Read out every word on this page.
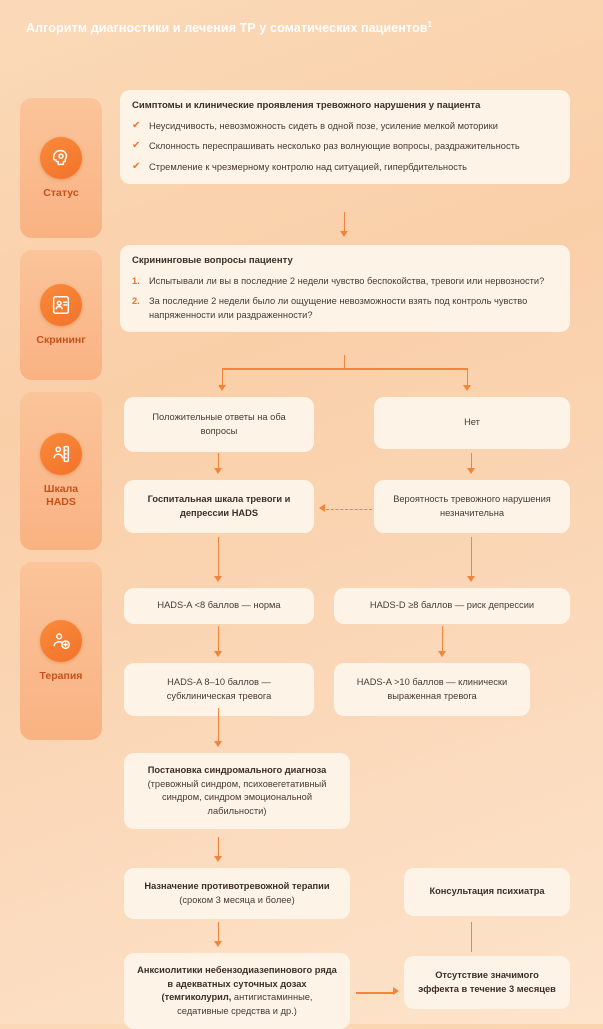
Алгоритм диагностики и лечения ТР у соматических пациентов$^1$
Статус
Скрининг
Шкала
HADS
Терапия
Симптомы и клинические проявления тревожного нарушения у пациента
✔ Неусидчивость, невозможность сидеть в одной позе, усиление мелкой моторики
✔ Склонность переспрашивать несколько раз волнующие вопросы, раздражительность
✔ Стремление к чрезмерному контролю над ситуацией, гипербдительность
Скрининговые вопросы пациенту
Испытывали ли вы в последние 2 недели чувство беспокойства, тревоги или нервозности?
За последние 2 недели было ли ощущение невозможности взять под контроль чувство напряженности или раздраженности?
Положительные ответы на оба вопросы
Нет
Госпитальная шкала тревоги и депрессии HADS
Вероятность тревожного нарушения незначительна
HADS-A <8 баллов — норма	HADS-D ≥8 баллов — риск депрессии
HADS-A 8–10 баллов — субклиническая тревога
HADS-A >10 баллов — клинически выраженная тревога
Постановка синдромального диагноза
(тревожный синдром, психовегетативный синдром, синдром эмоциональной лабильности)
Назначение противотревожной терапии
(сроком 3 месяца и более)
Консультация психиатра
Анксиолитики небензодиазепинового ряда в адекватных суточных дозах
(темгиколурил, антигистаминные, седативные средства и др.)
Отсутствие значимого эффекта в течение 3 месяцев
